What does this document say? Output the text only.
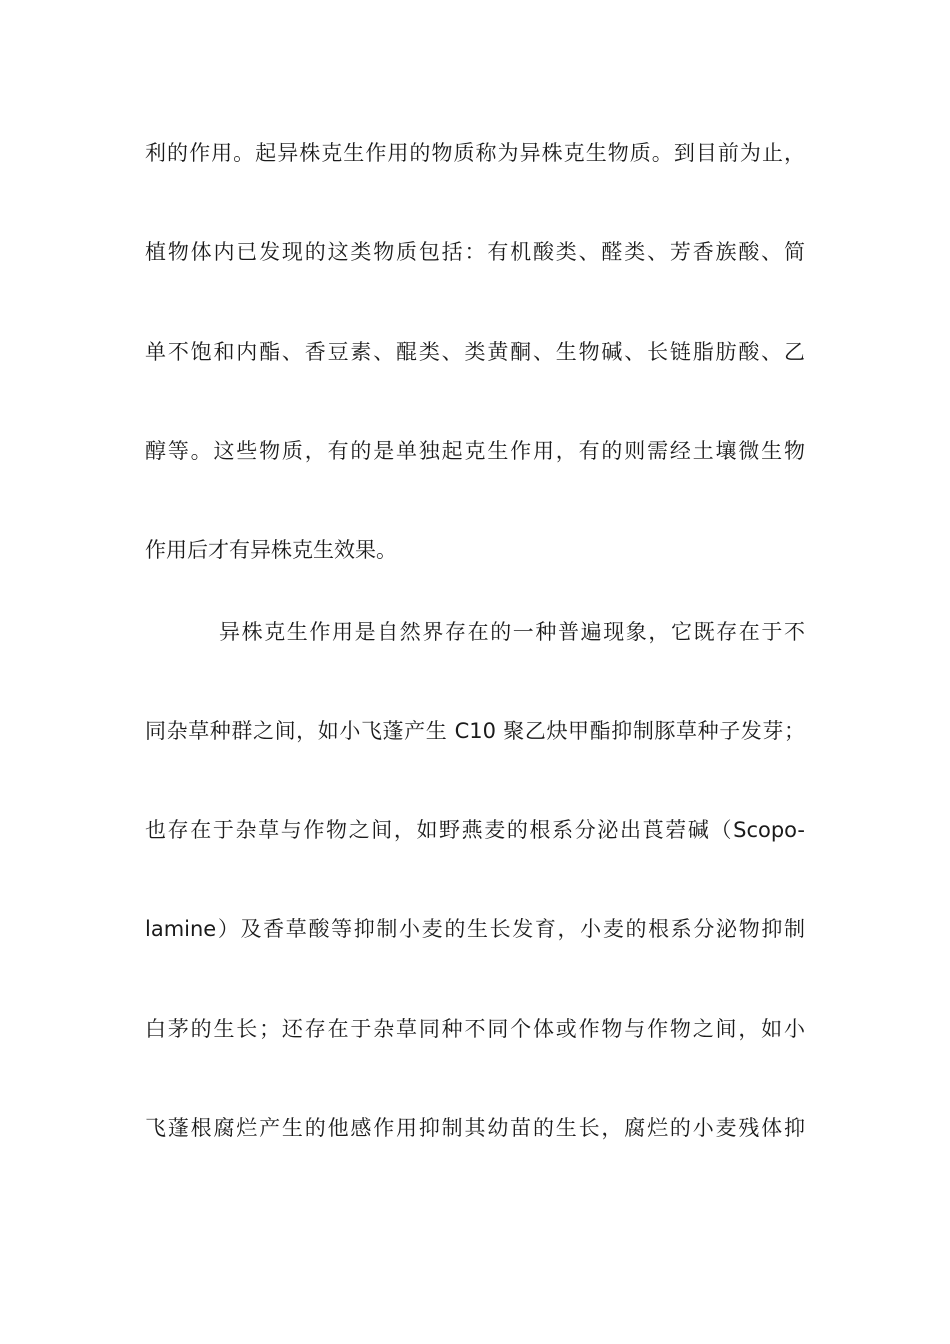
利的作用。起异株克生作用的物质称为异株克生物质。到目前为止，
植物体内已发现的这类物质包括：有机酸类、醛类、芳香族酸、简
单不饱和内酯、香豆素、醌类、类黄酮、生物碱、长链脂肪酸、乙
醇等。这些物质，有的是单独起克生作用，有的则需经土壤微生物
作用后才有异株克生效果。
异株克生作用是自然界存在的一种普遍现象，它既存在于不
同杂草种群之间，如小飞蓬产生 C10 聚乙炔甲酯抑制豚草种子发芽；
也存在于杂草与作物之间，如野燕麦的根系分泌出莨菪碱（Scopo-
lamine）及香草酸等抑制小麦的生长发育，小麦的根系分泌物抑制
白茅的生长；还存在于杂草同种不同个体或作物与作物之间，如小
飞蓬根腐烂产生的他感作用抑制其幼苗的生长，腐烂的小麦残体抑
